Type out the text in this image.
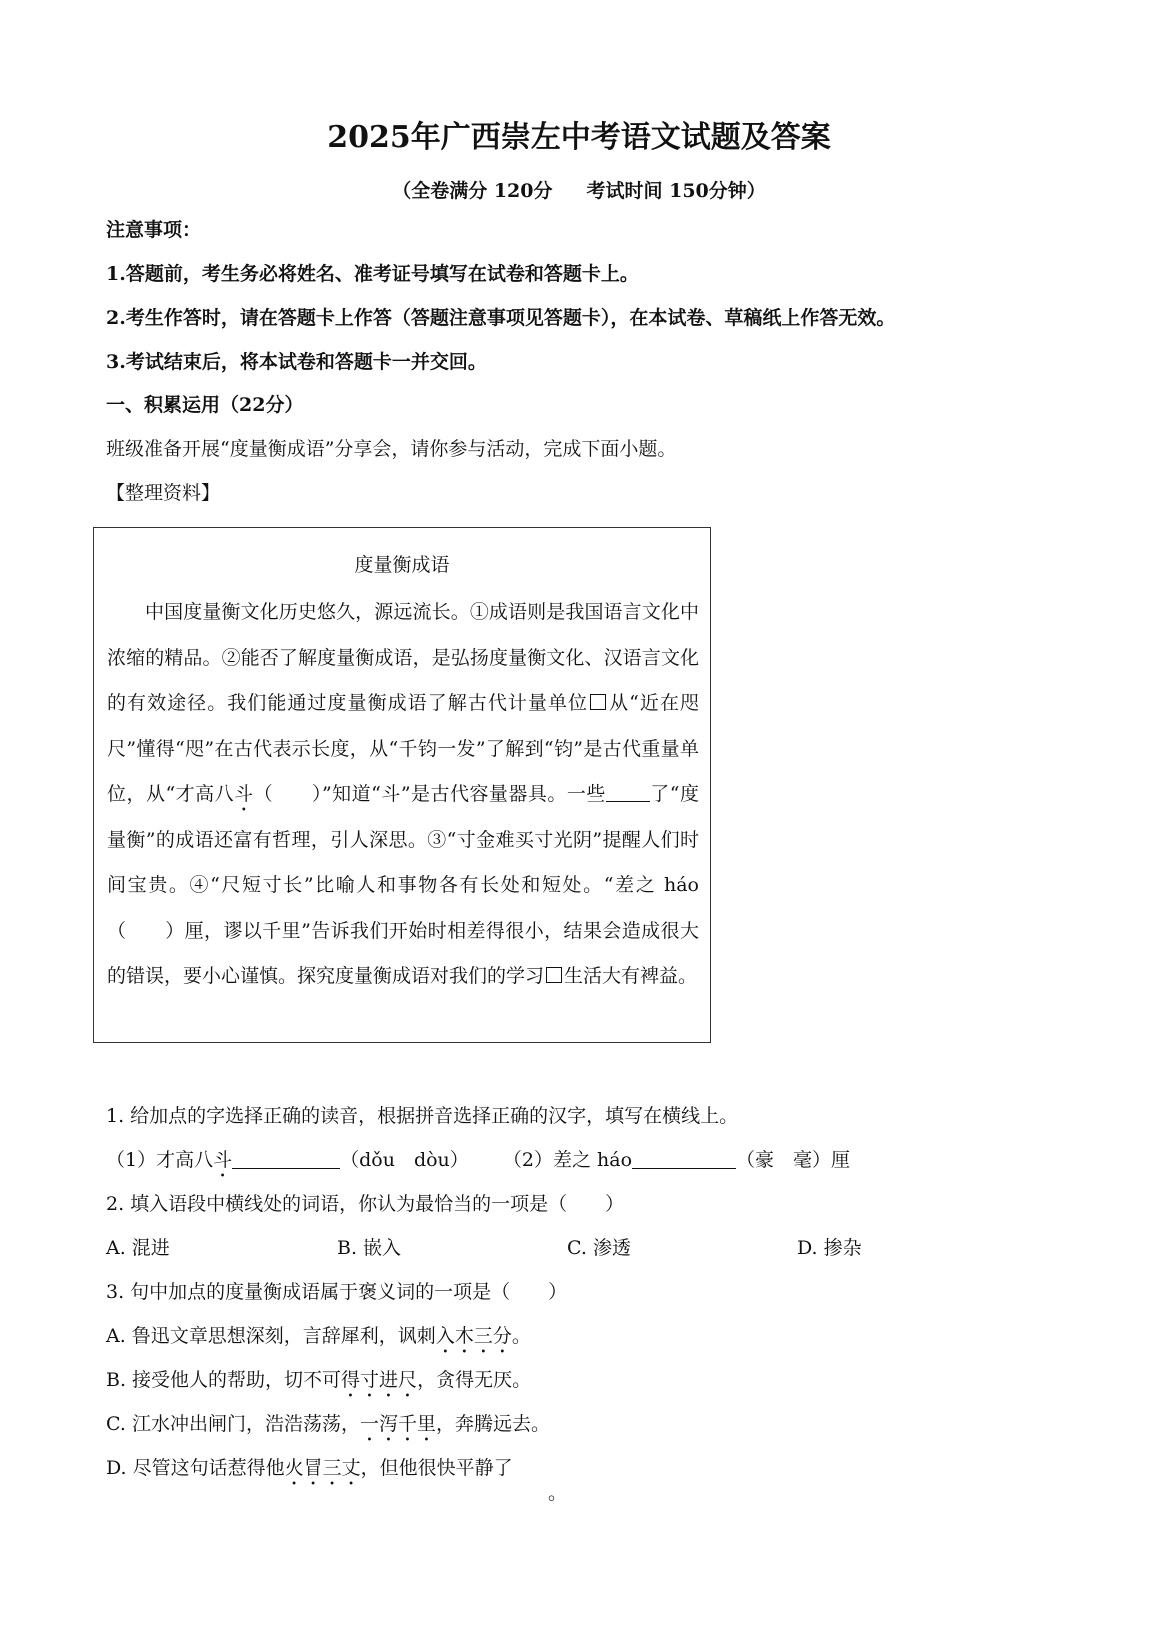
2025年广西崇左中考语文试题及答案
（全卷满分 120分 考试时间 150分钟）
注意事项：
1.答题前，考生务必将姓名、准考证号填写在试卷和答题卡上。
2.考生作答时，请在答题卡上作答（答题注意事项见答题卡），在本试卷、草稿纸上作答无效。
3.考试结束后，将本试卷和答题卡一并交回。
一、积累运用（22分）
班级准备开展“度量衡成语”分享会，请你参与活动，完成下面小题。
【整理资料】
度量衡成语

中国度量衡文化历史悠久，源远流长。①成语则是我国语言文化中浓缩的精品。②能否了解度量衡成语，是弘扬度量衡文化、汉语言文化的有效途径。我们能通过度量衡成语了解古代计量单位 从“近在咫尺”懂得“咫”在古代表示长度，从“千钧一发”了解到“钧”是古代重量单位，从“才高八斗（　　）”知道“斗”是古代容量器具。一些 了“度量衡”的成语还富有哲理，引人深思。③“寸金难买寸光阴”提醒人们时间宝贵。④“尺短寸长”比喻人和事物各有长处和短处。“差之 háo（　　）厘，谬以千里”告诉我们开始时相差得很小，结果会造成很大的错误，要小心谨慎。探究度量衡成语对我们的学习 生活大有裨益。

1. 给加点的字选择正确的读音，根据拼音选择正确的汉字，填写在横线上。
（1）才高八斗	（dǒu　dòu） （2）差之 háo	（豪　毫）厘
2. 填入语段中横线处的词语，你认为最恰当的一项是（　　）
A. 混进	B. 嵌入	C. 渗透	D. 掺杂
3. 句中加点的度量衡成语属于褒义词的一项是（　　）
A. 鲁迅文章思想深刻，言辞犀利，讽刺入木三分。
B. 接受他人的帮助，切不可得寸进尺，贪得无厌。
C. 江水冲出闸门，浩浩荡荡，一泻千里，奔腾远去。
D. 尽管这句话惹得他火冒三丈，但他很快平静了
。
